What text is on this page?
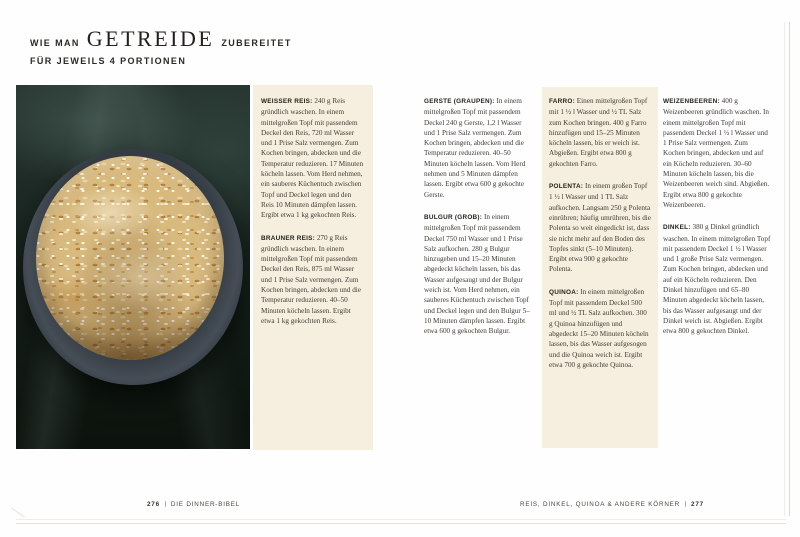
WIE MAN GETREIDE ZUBEREITET
FÜR JEWEILS 4 PORTIONEN

WEISSER REIS: 240 g Reis gründlich waschen. In einem mittelgroßen Topf mit passendem Deckel den Reis, 720 ml Wasser und 1 Prise Salz vermengen. Zum Kochen bringen, abdecken und die Temperatur reduzieren. 17 Minuten köcheln lassen. Vom Herd nehmen, ein sauberes Küchentuch zwischen Topf und Deckel legen und den Reis 10 Minuten dämpfen lassen. Ergibt etwa 1 kg gekochten Reis.

BRAUNER REIS: 270 g Reis gründlich waschen. In einem mittelgroßen Topf mit passendem Deckel den Reis, 875 ml Wasser und 1 Prise Salz vermengen. Zum Kochen bringen, abdecken und die Temperatur reduzieren. 40–50 Minuten köcheln lassen. Ergibt etwa 1 kg gekochten Reis.

GERSTE (GRAUPEN): In einem mittelgroßen Topf mit passendem Deckel 240 g Gerste, 1,2 l Wasser und 1 Prise Salz vermengen. Zum Kochen bringen, abdecken und die Temperatur reduzieren. 40–50 Minuten köcheln lassen. Vom Herd nehmen und 5 Minuten dämpfen lassen. Ergibt etwa 600 g gekochte Gerste.

BULGUR (GROB): In einem mittelgroßen Topf mit passendem Deckel 750 ml Wasser und 1 Prise Salz aufkochen. 280 g Bulgur hinzugeben und 15–20 Minuten abgedeckt köcheln lassen, bis das Wasser aufgesaugt und der Bulgur weich ist. Vom Herd nehmen, ein sauberes Küchentuch zwischen Topf und Deckel legen und den Bulgur 5–10 Minuten dämpfen lassen. Ergibt etwa 600 g gekochten Bulgur.

FARRO: Einen mittelgroßen Topf mit 1 ½ l Wasser und ½ TL Salz zum Kochen bringen. 400 g Farro hinzufügen und 15–25 Minuten köcheln lassen, bis er weich ist. Abgießen. Ergibt etwa 800 g gekochten Farro.

POLENTA: In einem großen Topf 1 ½ l Wasser und 1 TL Salz aufkochen. Langsam 250 g Polenta einrühren; häufig umrühren, bis die Polenta so weit eingedickt ist, dass sie nicht mehr auf den Boden des Topfes sinkt (5–10 Minuten). Ergibt etwa 900 g gekochte Polenta.

QUINOA: In einem mittelgroßen Topf mit passendem Deckel 500 ml und ½ TL Salz aufkochen. 300 g Quinoa hinzufügen und abgedeckt 15–20 Minuten köcheln lassen, bis das Wasser aufgesogen und die Quinoa weich ist. Ergibt etwa 700 g gekochte Quinoa.

WEIZENBEEREN: 400 g Weizenbeeren gründlich waschen. In einem mittelgroßen Topf mit passendem Deckel 1 ½ l Wasser und 1 Prise Salz vermengen. Zum Kochen bringen, abdecken und auf ein Köcheln reduzieren. 30–60 Minuten köcheln lassen, bis die Weizenbeeren weich sind. Abgießen. Ergibt etwa 800 g gekochte Weizenbeeren.

DINKEL: 380 g Dinkel gründlich waschen. In einem mittelgroßen Topf mit passendem Deckel 1 ½ l Wasser und 1 große Prise Salz vermengen. Zum Kochen bringen, abdecken und auf ein Köcheln reduzieren. Den Dinkel hinzufügen und 65–80 Minuten abgedeckt köcheln lassen, bis das Wasser aufgesaugt und der Dinkel weich ist. Abgießen. Ergibt etwa 800 g gekochten Dinkel.

276 DIE DINNER-BIBEL	REIS, DINKEL, QUINOA & ANDERE KÖRNER 277
